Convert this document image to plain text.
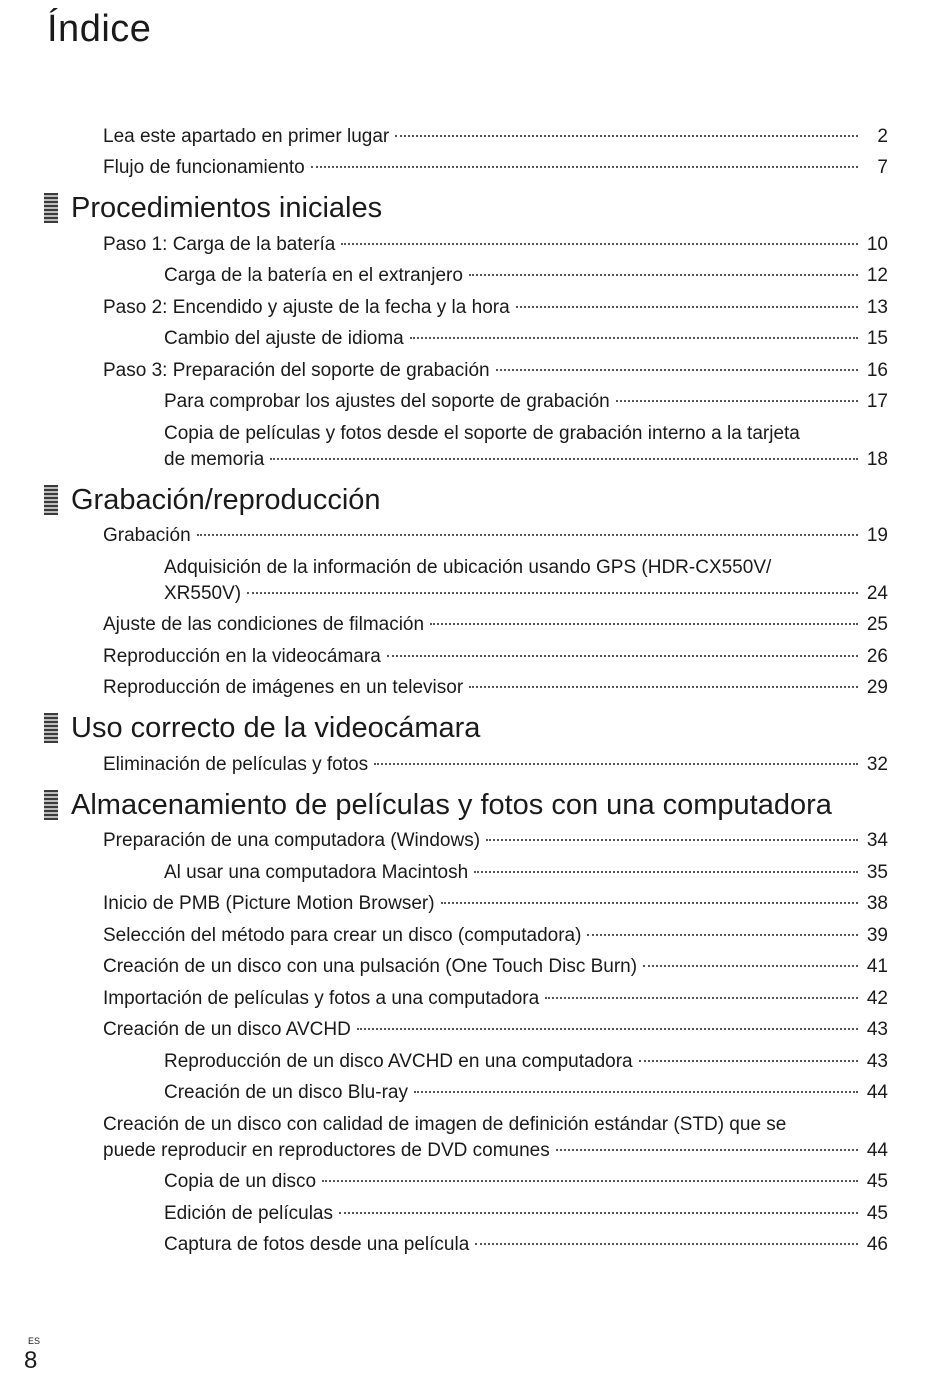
Índice
Lea este apartado en primer lugar	2
Flujo de funcionamiento	7
Procedimientos iniciales
Paso 1: Carga de la batería	10
Carga de la batería en el extranjero	12
Paso 2: Encendido y ajuste de la fecha y la hora	13
Cambio del ajuste de idioma	15
Paso 3: Preparación del soporte de grabación	16
Para comprobar los ajustes del soporte de grabación	17
Copia de películas y fotos desde el soporte de grabación interno a la tarjeta
de memoria	18
Grabación/reproducción
Grabación	19
Adquisición de la información de ubicación usando GPS (HDR-CX550V/
XR550V)	24
Ajuste de las condiciones de filmación	25
Reproducción en la videocámara	26
Reproducción de imágenes en un televisor	29
Uso correcto de la videocámara
Eliminación de películas y fotos	32
Almacenamiento de películas y fotos con una computadora
Preparación de una computadora (Windows)	34
Al usar una computadora Macintosh	35
Inicio de PMB (Picture Motion Browser)	38
Selección del método para crear un disco (computadora)	39
Creación de un disco con una pulsación (One Touch Disc Burn)	41
Importación de películas y fotos a una computadora	42
Creación de un disco AVCHD	43
Reproducción de un disco AVCHD en una computadora	43
Creación de un disco Blu-ray	44
Creación de un disco con calidad de imagen de definición estándar (STD) que se
puede reproducir en reproductores de DVD comunes	44
Copia de un disco	45
Edición de películas	45
Captura de fotos desde una película	46
ES
8
